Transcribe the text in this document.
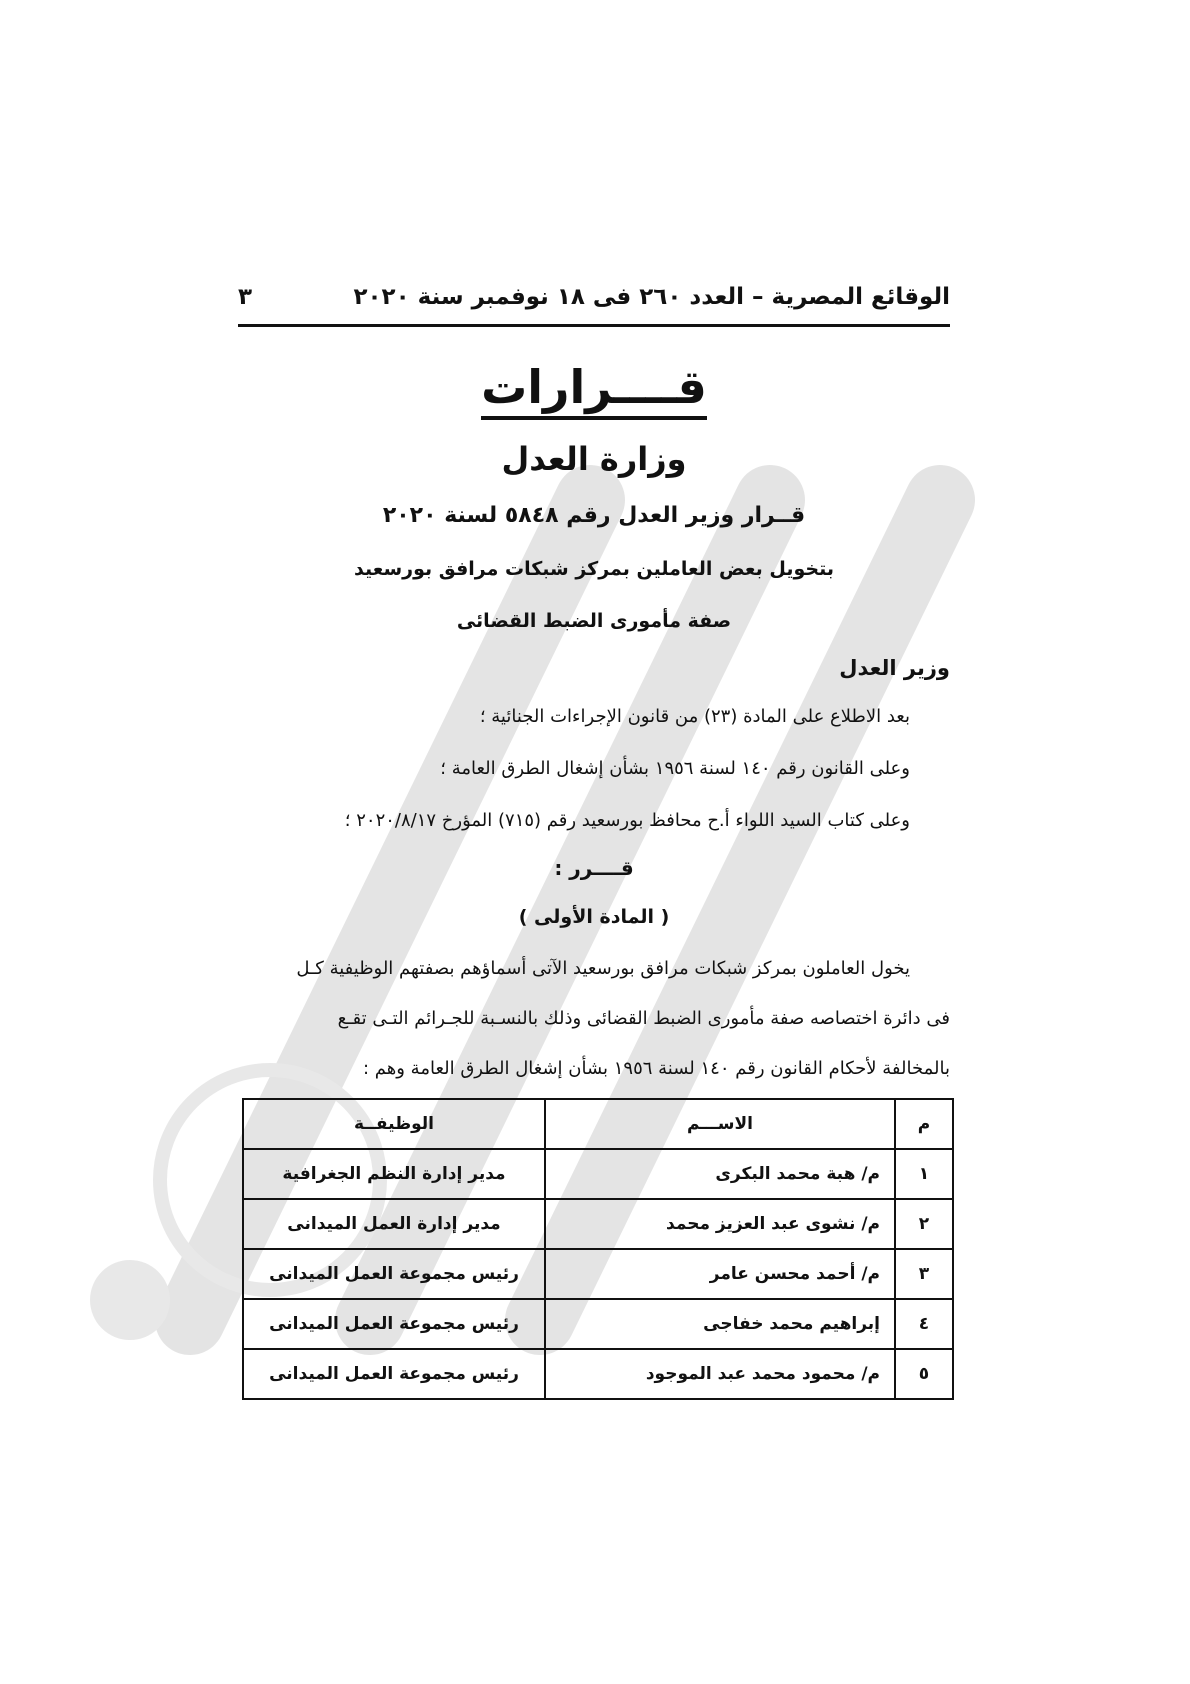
الوقائع المصرية – العدد ٢٦٠ فى ١٨ نوفمبر سنة ٢٠٢٠
٣
قــــرارات
وزارة العدل
قــرار وزير العدل رقم ٥٨٤٨ لسنة ٢٠٢٠
بتخويل بعض العاملين بمركز شبكات مرافق بورسعيد
صفة مأمورى الضبط القضائى
وزير العدل
بعد الاطلاع على المادة (٢٣) من قانون الإجراءات الجنائية ؛
وعلى القانون رقم ١٤٠ لسنة ١٩٥٦ بشأن إشغال الطرق العامة ؛
وعلى كتاب السيد اللواء أ.ح محافظ بورسعيد رقم (٧١٥) المؤرخ ٢٠٢٠/٨/١٧ ؛
قــــرر :
( المادة الأولى )
يخول العاملون بمركز شبكات مرافق بورسعيد الآتى أسماؤهم بصفتهم الوظيفية كـل
فى دائرة اختصاصه صفة مأمورى الضبط القضائى وذلك بالنسـبة للجـرائم التـى تقـع
بالمخالفة لأحكام القانون رقم ١٤٠ لسنة ١٩٥٦ بشأن إشغال الطرق العامة وهم :
م	الاســـم	الوظيفــة
١	م/ هبة محمد البكرى	مدير إدارة النظم الجغرافية
٢	م/ نشوى عبد العزيز محمد	مدير إدارة العمل الميدانى
٣	م/ أحمد محسن عامر	رئيس مجموعة العمل الميدانى
٤	إبراهيم محمد خفاجى	رئيس مجموعة العمل الميدانى
٥	م/ محمود محمد عبد الموجود	رئيس مجموعة العمل الميدانى
